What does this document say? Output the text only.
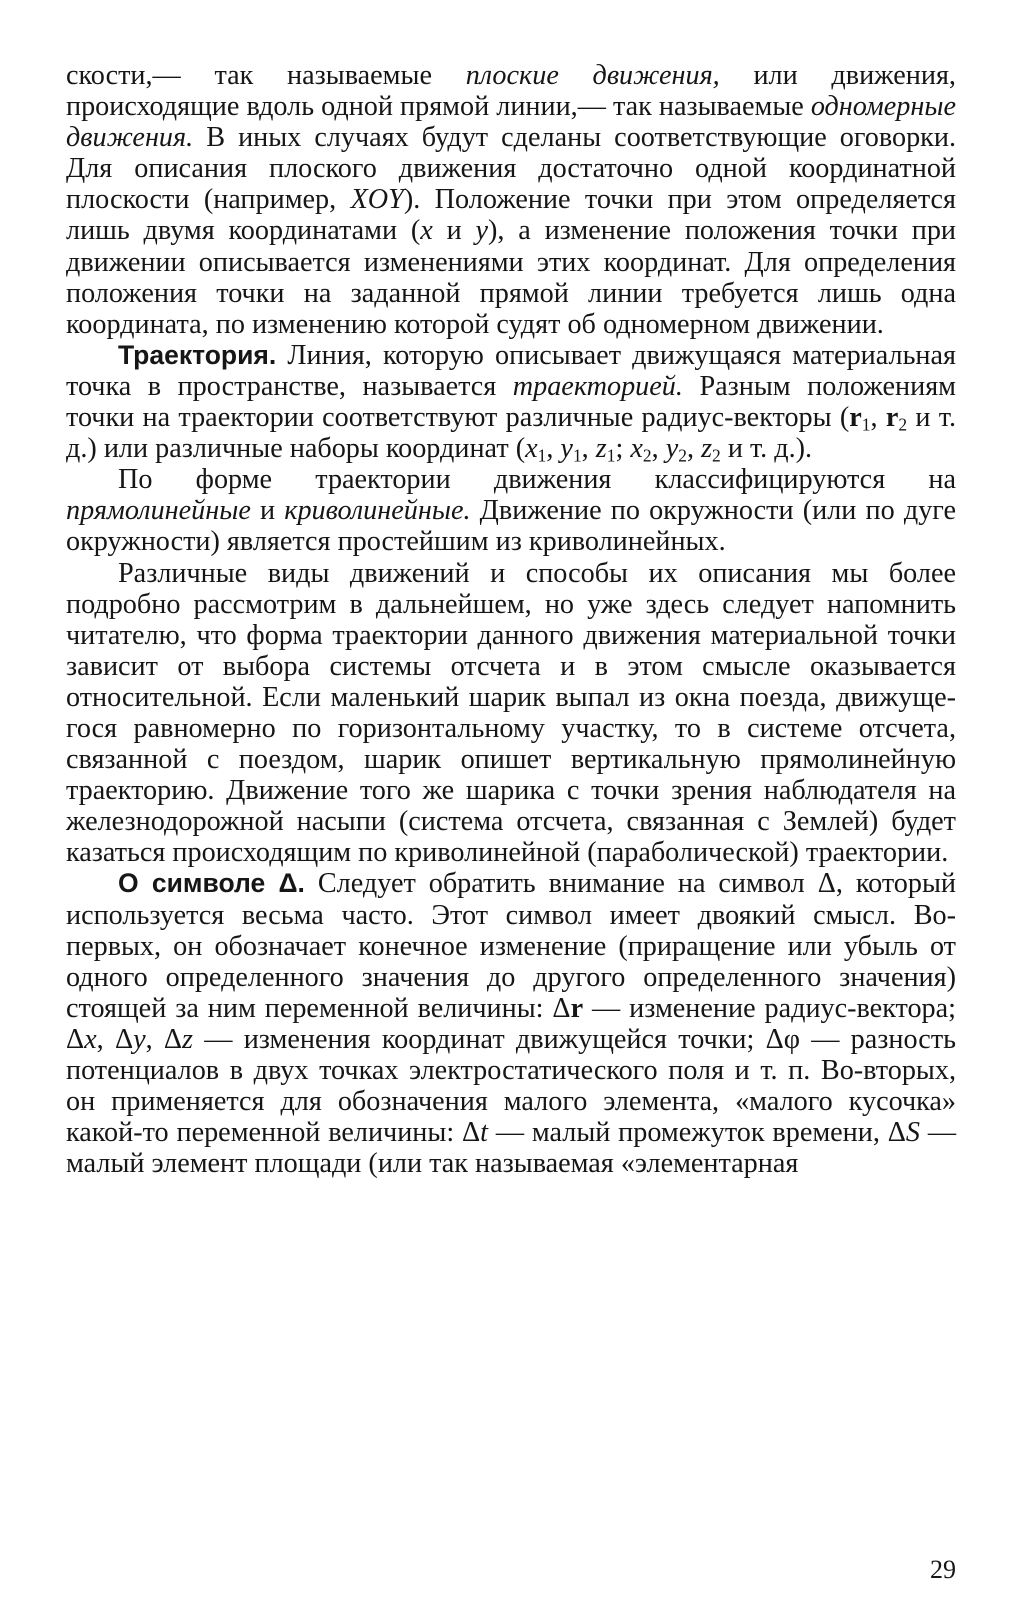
скости,— так называемые плоские движения, или движения, происходящие вдоль одной прямой линии,— так называемые одномерные движения. В иных случаях будут сделаны соответствующие оговорки. Для описания плоского движения достаточно одной координатной плоскости (например, XOY). Положение точки при этом определяется лишь двумя координатами (x и y), а изменение положения точки при движении описывается изменениями этих координат. Для определения положения точки на заданной прямой линии требуется лишь одна координата, по изменению которой судят об одномерном движении.

Траектория. Линия, которую описывает движущаяся материальная точка в пространстве, называется траекторией. Разным положениям точки на траектории соответствуют различные радиус-векторы ($r_1$, $r_2$ и т. д.) или различные наборы координат ($x_1$, $y_1$, $z_1$; $x_2$, $y_2$, $z_2$ и т. д.).

По форме траектории движения классифицируются на прямолинейные и криволинейные. Движение по окружности (или по дуге окружности) является простейшим из криволинейных.

Различные виды движений и способы их описания мы более подробно рассмотрим в дальнейшем, но уже здесь следует напомнить читателю, что форма траектории данного движения материальной точки зависит от выбора системы отсчета и в этом смысле оказывается относительной. Если маленький шарик выпал из окна поезда, движущегося равномерно по горизонтальному участку, то в системе отсчета, связанной с поездом, шарик опишет вертикальную прямолинейную траекторию. Движение того же шарика с точки зрения наблюдателя на железнодорожной насыпи (система отсчета, связанная с Землей) будет казаться происходящим по криволинейной (параболической) траектории.

О символе Δ. Следует обратить внимание на символ Δ, который используется весьма часто. Этот символ имеет двоякий смысл. Во-первых, он обозначает конечное изменение (приращение или убыль от одного определенного значения до другого определенного значения) стоящей за ним переменной величины: Δr — изменение радиус-вектора; Δx, Δy, Δz — изменения координат движущейся точки; Δφ — разность потенциалов в двух точках электростатического поля и т. п. Во-вторых, он применяется для обозначения малого элемента, «малого кусочка» какой-то переменной величины: Δt — малый промежуток времени, ΔS — малый элемент площади (или так называемая «элементарная

29
